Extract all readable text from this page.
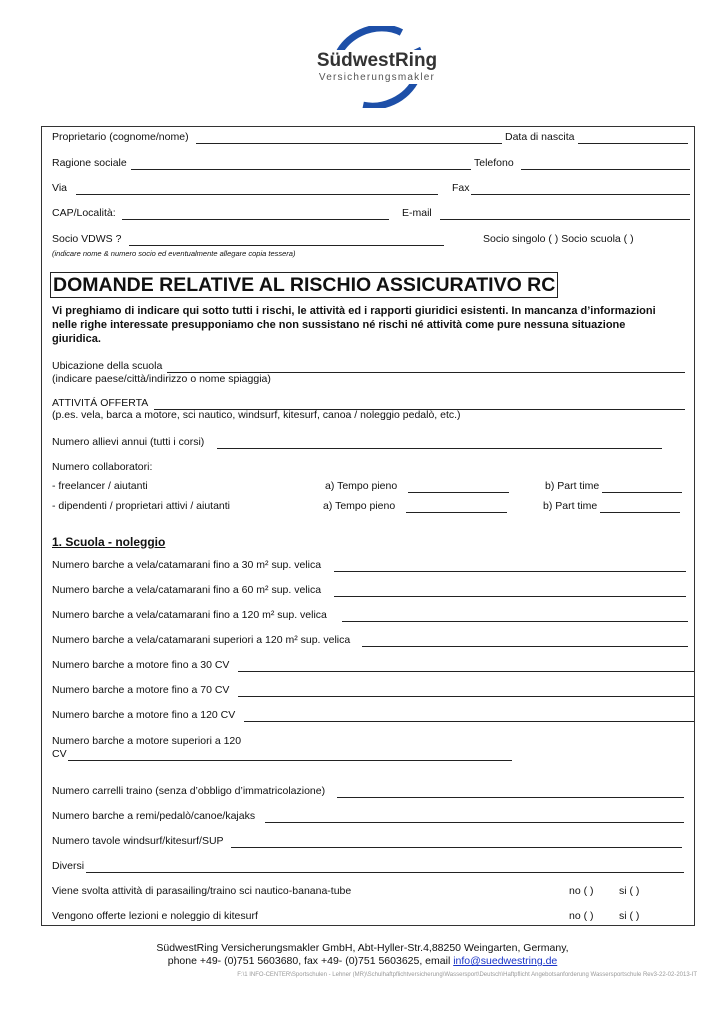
SüdwestRing
Versicherungsmakler
Proprietario (cognome/nome)	Data di nascita
Ragione sociale	Telefono
Via	Fax
CAP/Località:	E-mail
Socio VDWS ?	Socio singolo ( ) Socio scuola ( )
(indicare nome & numero socio ed eventualmente allegare copia tessera)
DOMANDE RELATIVE AL RISCHIO ASSICURATIVO RC
Vi preghiamo di indicare qui sotto tutti i rischi, le attività ed i rapporti giuridici esistenti. In mancanza d’informazioni nelle righe interessate presupponiamo che non sussistano né rischi né attività come pure nessuna situazione giuridica.
Ubicazione della scuola
(indicare paese/città/indirizzo o nome spiaggia)
ATTIVITÁ OFFERTA
(p.es. vela, barca a motore, sci nautico, windsurf, kitesurf, canoa / noleggio pedalò, etc.)
Numero allievi annui (tutti i corsi)
Numero collaboratori:
- freelancer / aiutanti	a) Tempo pieno	b) Part time
- dipendenti / proprietari attivi / aiutanti	a) Tempo pieno	b) Part time
1. Scuola - noleggio
Numero barche a vela/catamarani fino a 30 m² sup. velica
Numero barche a vela/catamarani fino a 60 m² sup. velica
Numero barche a vela/catamarani fino a 120 m² sup. velica
Numero barche a vela/catamarani superiori a 120 m² sup. velica
Numero barche a motore fino a 30 CV
Numero barche a motore fino a 70 CV
Numero barche a motore fino a 120 CV
Numero barche a motore superiori a 120
CV
Numero carrelli traino (senza d’obbligo d’immatricolazione)
Numero barche a remi/pedalò/canoe/kajaks
Numero tavole windsurf/kitesurf/SUP
Diversi
Viene svolta attività di parasailing/traino sci nautico-banana-tube	no ( ) si ( )
Vengono offerte lezioni e noleggio di kitesurf	no ( ) si ( )
SüdwestRing Versicherungsmakler GmbH, Abt-Hyller-Str.4,88250 Weingarten, Germany,
phone +49- (0)751 5603680, fax +49- (0)751 5603625, email info@suedwestring.de
F:\1 INFO-CENTER\Sportschulen - Lehner (MR)\Schulhaftpflichtversicherung\Wassersport\Deutsch\Haftpflicht Angebotsanforderung Wassersportschule Rev3-22-02-2013-IT
